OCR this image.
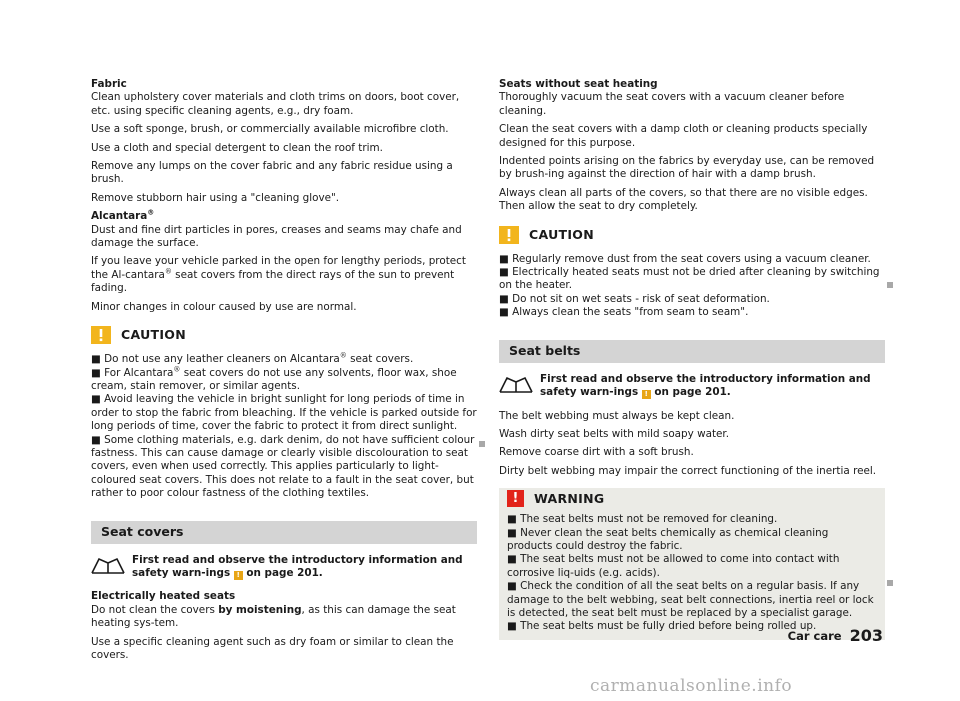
Fabric
Clean upholstery cover materials and cloth trims on doors, boot cover, etc. using specific cleaning agents, e.g., dry foam.

Use a soft sponge, brush, or commercially available microfibre cloth.

Use a cloth and special detergent to clean the roof trim.

Remove any lumps on the cover fabric and any fabric residue using a brush.

Remove stubborn hair using a "cleaning glove".

Alcantara®
Dust and fine dirt particles in pores, creases and seams may chafe and damage the surface.

If you leave your vehicle parked in the open for lengthy periods, protect the Al-cantara® seat covers from the direct rays of the sun to prevent fading.

Minor changes in colour caused by use are normal.

CAUTION

■ Do not use any leather cleaners on Alcantara® seat covers.

■ For Alcantara® seat covers do not use any solvents, floor wax, shoe cream, stain remover, or similar agents.

■ Avoid leaving the vehicle in bright sunlight for long periods of time in order to stop the fabric from bleaching. If the vehicle is parked outside for long periods of time, cover the fabric to protect it from direct sunlight.

■ Some clothing materials, e.g. dark denim, do not have sufficient colour fastness. This can cause damage or clearly visible discolouration to seat covers, even when used correctly. This applies particularly to light-coloured seat covers. This does not relate to a fault in the seat cover, but rather to poor colour fastness of the clothing textiles.

Seat covers
First read and observe the introductory information and safety warn-ings ! on page 201.

Electrically heated seats
Do not clean the covers by moistening, as this can damage the seat heating sys-tem.

Use a specific cleaning agent such as dry foam or similar to clean the covers.

Seats without seat heating
Thoroughly vacuum the seat covers with a vacuum cleaner before cleaning.

Clean the seat covers with a damp cloth or cleaning products specially designed for this purpose.

Indented points arising on the fabrics by everyday use, can be removed by brush-ing against the direction of hair with a damp brush.

Always clean all parts of the covers, so that there are no visible edges. Then allow the seat to dry completely.

CAUTION

■ Regularly remove dust from the seat covers using a vacuum cleaner.

■ Electrically heated seats must not be dried after cleaning by switching on the heater.

■ Do not sit on wet seats - risk of seat deformation.

■ Always clean the seats "from seam to seam".

Seat belts
First read and observe the introductory information and safety warn-ings ! on page 201.

The belt webbing must always be kept clean.

Wash dirty seat belts with mild soapy water.

Remove coarse dirt with a soft brush.

Dirty belt webbing may impair the correct functioning of the inertia reel.

!	WARNING

■ The seat belts must not be removed for cleaning.

■ Never clean the seat belts chemically as chemical cleaning products could destroy the fabric.

■ The seat belts must not be allowed to come into contact with corrosive liq-uids (e.g. acids).

■ Check the condition of all the seat belts on a regular basis. If any damage to the belt webbing, seat belt connections, inertia reel or lock is detected, the seat belt must be replaced by a specialist garage.

■ The seat belts must be fully dried before being rolled up.

Car care 203
carmanualsonline.info
